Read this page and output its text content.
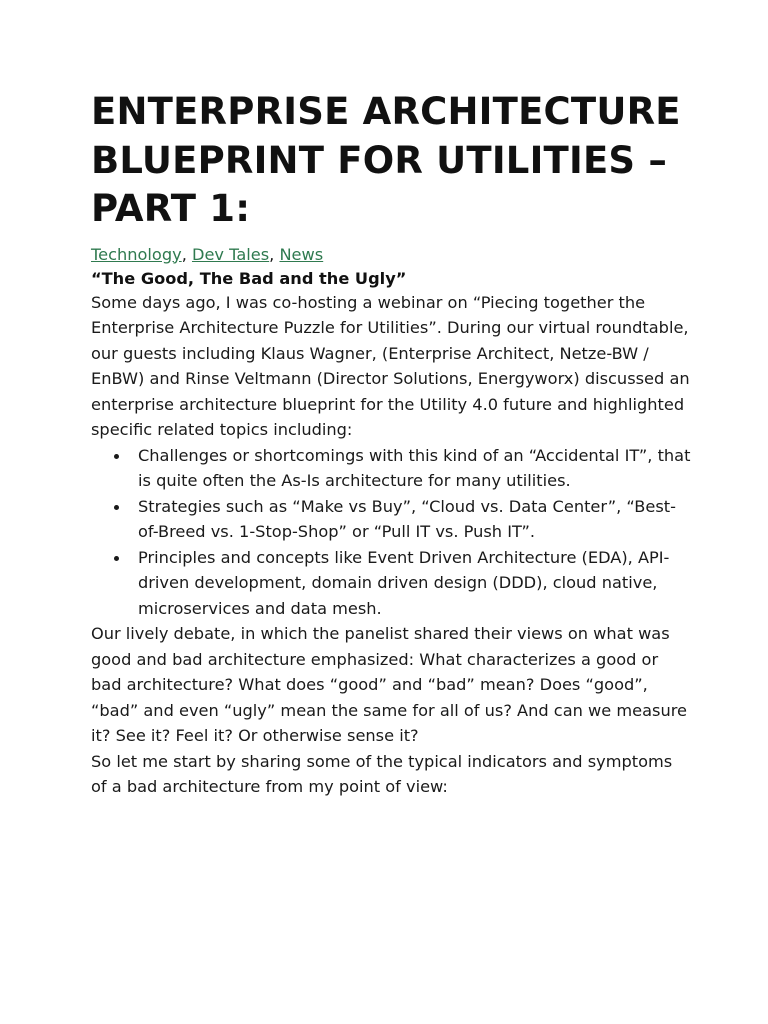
ENTERPRISE ARCHITECTURE BLUEPRINT FOR UTILITIES – PART 1:
Technology, Dev Tales, News
“The Good, The Bad and the Ugly”

Some days ago, I was co-hosting a webinar on “Piecing together the Enterprise Architecture Puzzle for Utilities”. During our virtual roundtable, our guests including Klaus Wagner, (Enterprise Architect, Netze-BW / EnBW) and Rinse Veltmann (Director Solutions, Energyworx) discussed an enterprise architecture blueprint for the Utility 4.0 future and highlighted specific related topics including:

Challenges or shortcomings with this kind of an “Accidental IT”, that is quite often the As-Is architecture for many utilities.
Strategies such as “Make vs Buy”, “Cloud vs. Data Center”, “Best-of-Breed vs. 1-Stop-Shop” or “Pull IT vs. Push IT”.
Principles and concepts like Event Driven Architecture (EDA), API-driven development, domain driven design (DDD), cloud native, microservices and data mesh.

Our lively debate, in which the panelist shared their views on what was good and bad architecture emphasized: What characterizes a good or bad architecture? What does “good” and “bad” mean? Does “good”, “bad” and even “ugly” mean the same for all of us? And can we measure it? See it? Feel it? Or otherwise sense it?

So let me start by sharing some of the typical indicators and symptoms of a bad architecture from my point of view:
